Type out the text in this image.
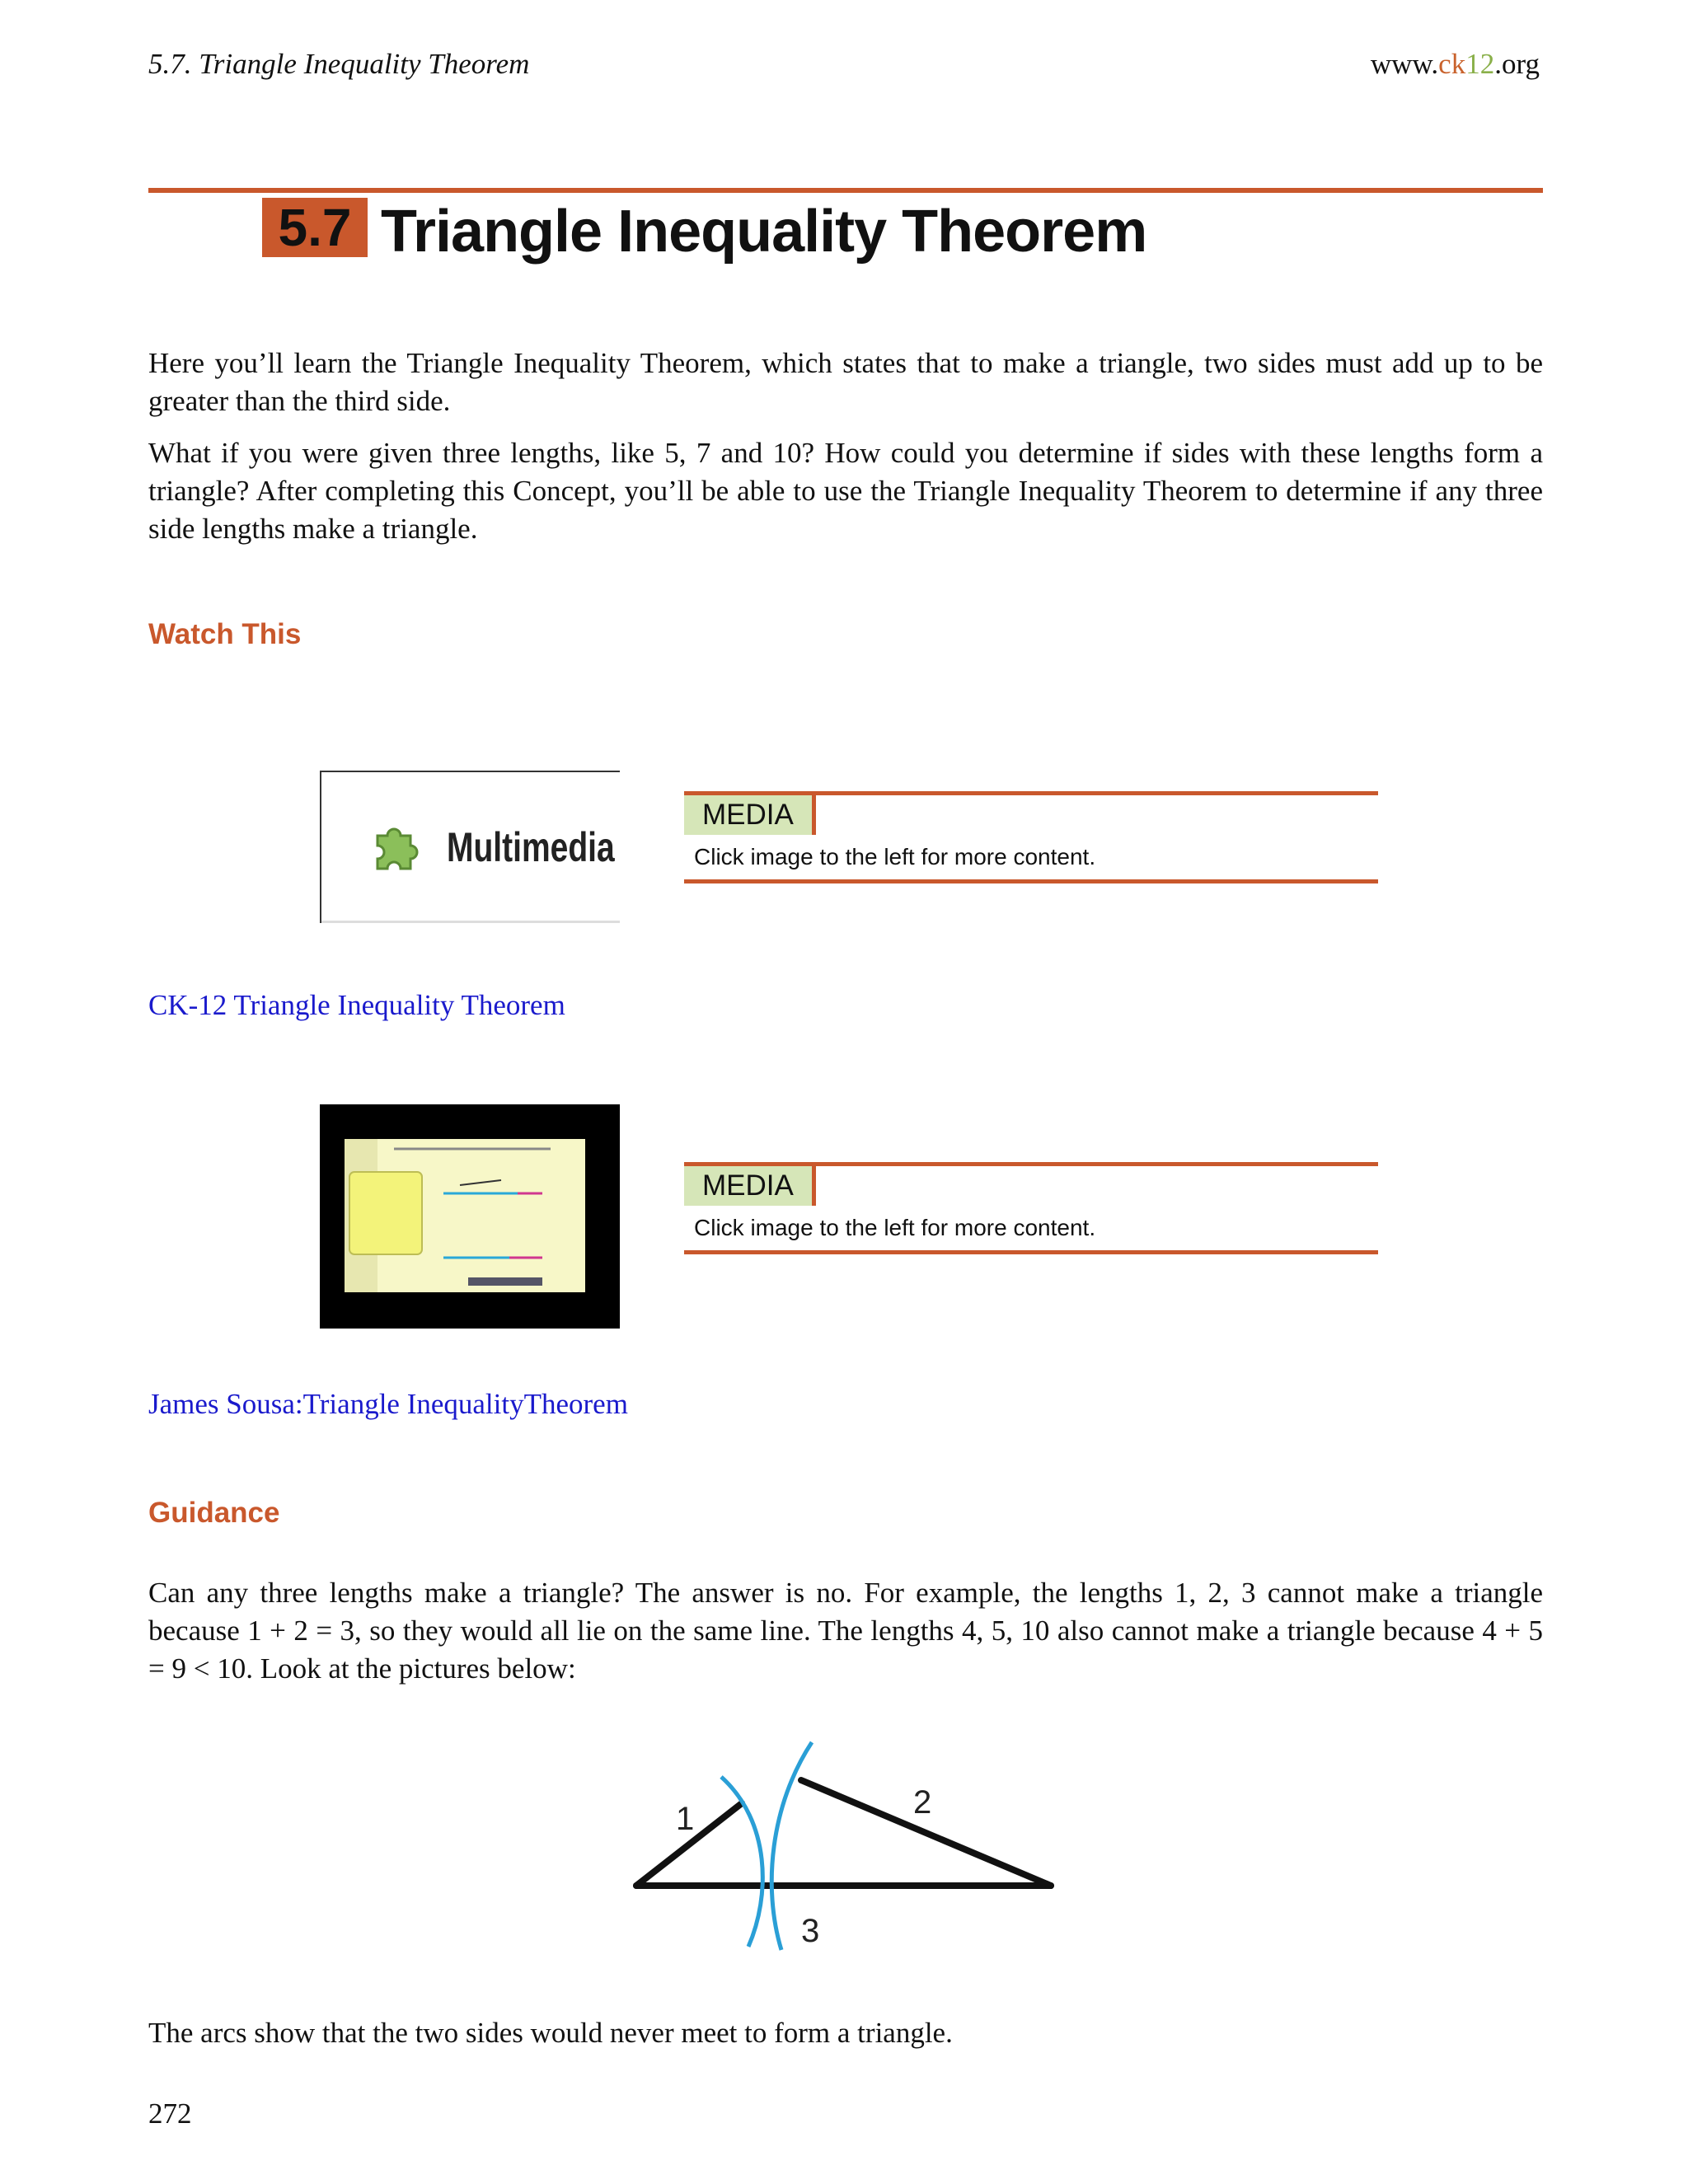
5.7. Triangle Inequality Theorem	www.ck12.org
5.7 Triangle Inequality Theorem

Here you’ll learn the Triangle Inequality Theorem, which states that to make a triangle, two sides must add up to be greater than the third side.

What if you were given three lengths, like 5, 7 and 10? How could you determine if sides with these lengths form a triangle? After completing this Concept, you’ll be able to use the Triangle Inequality Theorem to determine if any three side lengths make a triangle.

Watch This
Multimedia
MEDIA
Click image to the left for more content.
CK-12 Triangle Inequality Theorem
MEDIA
Click image to the left for more content.
James Sousa:Triangle InequalityTheorem
Guidance

Can any three lengths make a triangle? The answer is no. For example, the lengths 1, 2, 3 cannot make a triangle because 1 + 2 = 3, so they would all lie on the same line. The lengths 4, 5, 10 also cannot make a triangle because 4 + 5 = 9 < 10. Look at the pictures below:

1	2
3

The arcs show that the two sides would never meet to form a triangle.

272
